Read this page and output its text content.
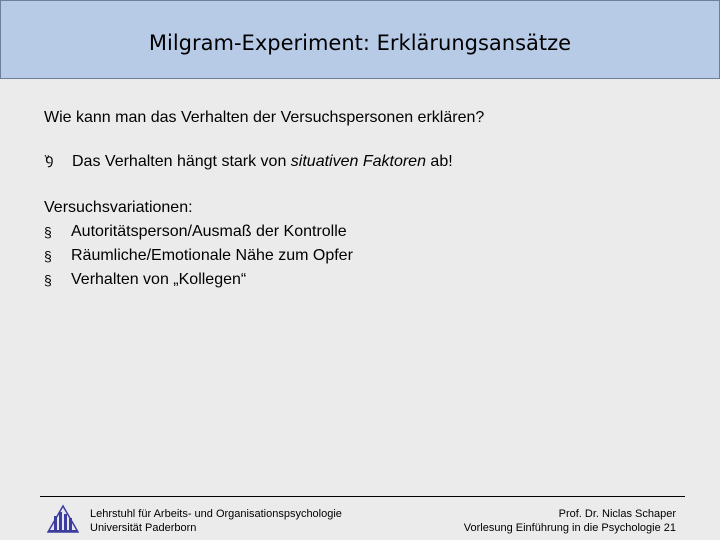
Milgram-Experiment: Erklärungsansätze
Wie kann man das Verhalten der Versuchspersonen erklären?
ᵞꝯ	Das Verhalten hängt stark von situativen Faktoren ab!
Versuchsvariationen:
§	Autoritätsperson/Ausmaß der Kontrolle
§	Räumliche/Emotionale Nähe zum Opfer
§	Verhalten von „Kollegen“
Lehrstuhl für Arbeits- und Organisationspsychologie
Universität Paderborn
Prof. Dr. Niclas Schaper
Vorlesung Einführung in die Psychologie 21
